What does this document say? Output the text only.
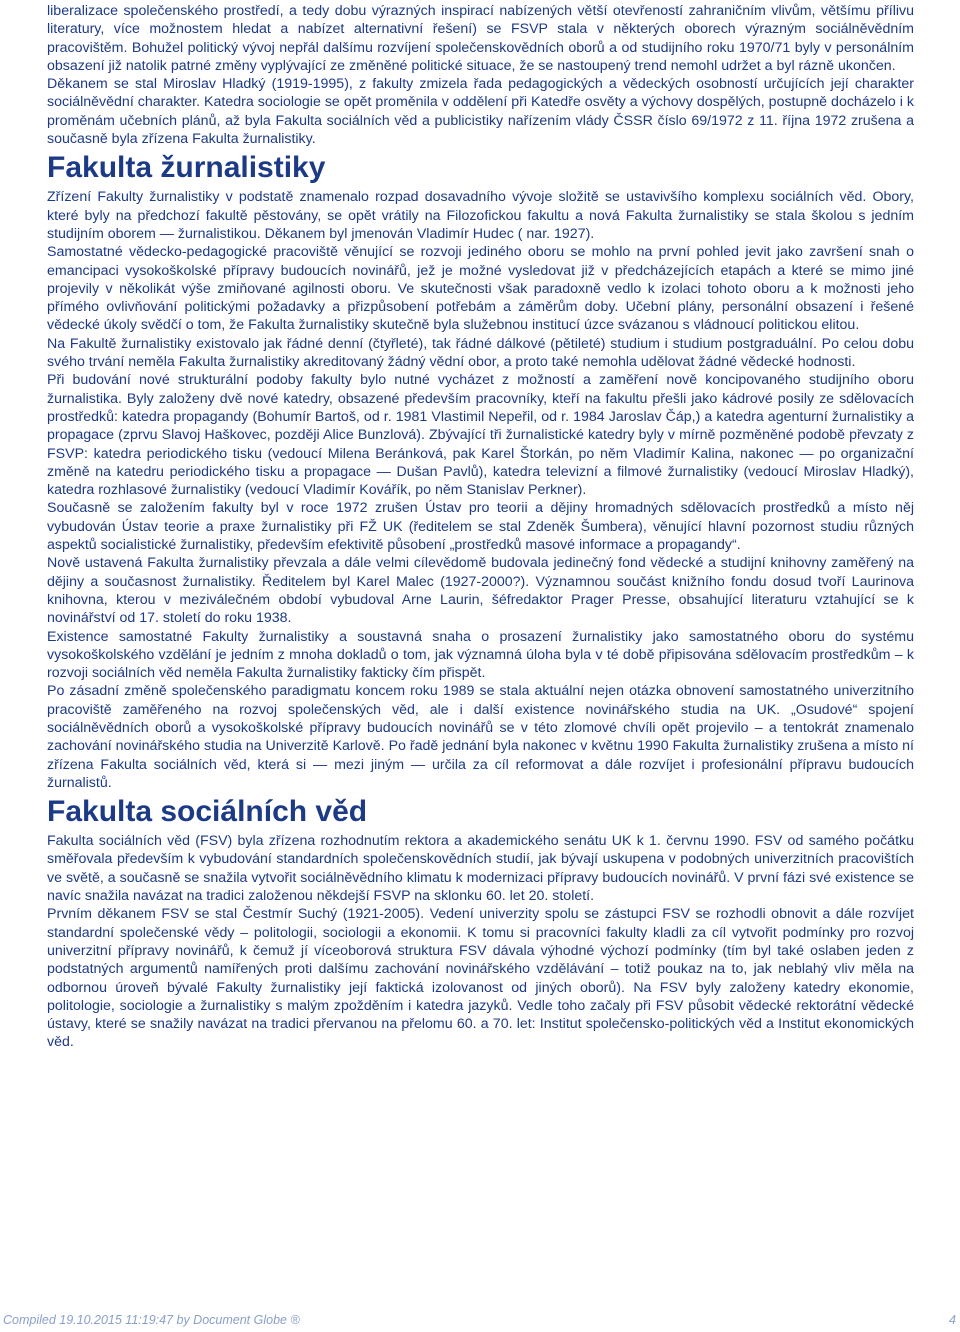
liberalizace společenského prostředí, a tedy dobu výrazných inspirací nabízených větší otevřeností zahraničním vlivům, většímu přílivu literatury, více možnostem hledat a nabízet alternativní řešení) se FSVP stala v některých oborech výrazným sociálněvědním pracovištěm. Bohužel politický vývoj nepřál dalšímu rozvíjení společenskovědních oborů a od studijního roku 1970/71 byly v personálním obsazení již natolik patrné změny vyplývající ze změněné politické situace, že se nastoupený trend nemohl udržet a byl rázně ukončen.

Děkanem se stal Miroslav Hladký (1919-1995), z fakulty zmizela řada pedagogických a vědeckých osobností určujících její charakter sociálněvědní charakter. Katedra sociologie se opět proměnila v oddělení při Katedře osvěty a výchovy dospělých, postupně docházelo i k proměnám učebních plánů, až byla Fakulta sociálních věd a publicistiky nařízením vlády ČSSR číslo 69/1972 z 11. října 1972 zrušena a současně byla zřízena Fakulta žurnalistiky.

Fakulta žurnalistiky

Zřízení Fakulty žurnalistiky v podstatě znamenalo rozpad dosavadního vývoje složitě se ustavivšího komplexu sociálních věd. Obory, které byly na předchozí fakultě pěstovány, se opět vrátily na Filozofickou fakultu a nová Fakulta žurnalistiky se stala školou s jedním studijním oborem — žurnalistikou. Děkanem byl jmenován Vladimír Hudec ( nar. 1927).

Samostatné vědecko-pedagogické pracoviště věnující se rozvoji jediného oboru se mohlo na první pohled jevit jako završení snah o emancipaci vysokoškolské přípravy budoucích novinářů, jež je možné vysledovat již v předcházejících etapách a které se mimo jiné projevily v několikát výše zmiňované agilnosti oboru. Ve skutečnosti však paradoxně vedlo k izolaci tohoto oboru a k možnosti jeho přímého ovlivňování politickými požadavky a přizpůsobení potřebám a záměrům doby. Učební plány, personální obsazení i řešené vědecké úkoly svědčí o tom, že Fakulta žurnalistiky skutečně byla služebnou institucí úzce svázanou s vládnoucí politickou elitou.

Na Fakultě žurnalistiky existovalo jak řádné denní (čtyřleté), tak řádné dálkové (pětileté) studium i studium postgraduální. Po celou dobu svého trvání neměla Fakulta žurnalistiky akreditovaný žádný vědní obor, a proto také nemohla udělovat žádné vědecké hodnosti.

Při budování nové strukturální podoby fakulty bylo nutné vycházet z možností a zaměření nově koncipovaného studijního oboru žurnalistika. Byly založeny dvě nové katedry, obsazené především pracovníky, kteří na fakultu přešli jako kádrové posily ze sdělovacích prostředků: katedra propagandy (Bohumír Bartoš, od r. 1981 Vlastimil Nepeřil, od r. 1984 Jaroslav Čáp,) a katedra agenturní žurnalistiky a propagace (zprvu Slavoj Haškovec, později Alice Bunzlová). Zbývající tři žurnalistické katedry byly v mírně pozměněné podobě převzaty z FSVP: katedra periodického tisku (vedoucí Milena Beránková, pak Karel Štorkán, po něm Vladimír Kalina, nakonec — po organizační změně na katedru periodického tisku a propagace — Dušan Pavlů), katedra televizní a filmové žurnalistiky (vedoucí Miroslav Hladký), katedra rozhlasové žurnalistiky (vedoucí Vladimír Kovářík, po něm Stanislav Perkner).

Současně se založením fakulty byl v roce 1972 zrušen Ústav pro teorii a dějiny hromadných sdělovacích prostředků a místo něj vybudován Ústav teorie a praxe žurnalistiky při FŽ UK (ředitelem se stal Zdeněk Šumbera), věnující hlavní pozornost studiu různých aspektů socialistické žurnalistiky, především efektivitě působení „prostředků masové informace a propagandy“.

Nově ustavená Fakulta žurnalistiky převzala a dále velmi cílevědomě budovala jedinečný fond vědecké a studijní knihovny zaměřený na dějiny a současnost žurnalistiky. Ředitelem byl Karel Malec (1927-2000?). Významnou součást knižního fondu dosud tvoří Laurinova knihovna, kterou v meziválečném období vybudoval Arne Laurin, šéfredaktor Prager Presse, obsahující literaturu vztahující se k novinářství od 17. století do roku 1938.

Existence samostatné Fakulty žurnalistiky a soustavná snaha o prosazení žurnalistiky jako samostatného oboru do systému vysokoškolského vzdělání je jedním z mnoha dokladů o tom, jak významná úloha byla v té době připisována sdělovacím prostředkům – k rozvoji sociálních věd neměla Fakulta žurnalistiky fakticky čím přispět.

Po zásadní změně společenského paradigmatu koncem roku 1989 se stala aktuální nejen otázka obnovení samostatného univerzitního pracoviště zaměřeného na rozvoj společenských věd, ale i další existence novinářského studia na UK. „Osudové“ spojení sociálněvědních oborů a vysokoškolské přípravy budoucích novinářů se v této zlomové chvíli opět projevilo – a tentokrát znamenalo zachování novinářského studia na Univerzitě Karlově. Po řadě jednání byla nakonec v květnu 1990 Fakulta žurnalistiky zrušena a místo ní zřízena Fakulta sociálních věd, která si — mezi jiným — určila za cíl reformovat a dále rozvíjet i profesionální přípravu budoucích žurnalistů.

Fakulta sociálních věd

Fakulta sociálních věd (FSV) byla zřízena rozhodnutím rektora a akademického senátu UK k 1. červnu 1990. FSV od samého počátku směřovala především k vybudování standardních společenskovědních studií, jak bývají uskupena v podobných univerzitních pracovištích ve světě, a současně se snažila vytvořit sociálněvědního klimatu k modernizaci přípravy budoucích novinářů. V první fázi své existence se navíc snažila navázat na tradici založenou někdejší FSVP na sklonku 60. let 20. století.

Prvním děkanem FSV se stal Čestmír Suchý (1921-2005). Vedení univerzity spolu se zástupci FSV se rozhodli obnovit a dále rozvíjet standardní společenské vědy – politologii, sociologii a ekonomii. K tomu si pracovníci fakulty kladli za cíl vytvořit podmínky pro rozvoj univerzitní přípravy novinářů, k čemuž jí víceoborová struktura FSV dávala výhodné výchozí podmínky (tím byl také oslaben jeden z podstatných argumentů namířených proti dalšímu zachování novinářského vzdělávání – totiž poukaz na to, jak neblahý vliv měla na odbornou úroveň bývalé Fakulty žurnalistiky její faktická izolovanost od jiných oborů). Na FSV byly založeny katedry ekonomie, politologie, sociologie a žurnalistiky s malým zpožděním i katedra jazyků. Vedle toho začaly při FSV působit vědecké rektorátní vědecké ústavy, které se snažily navázat na tradici přervanou na přelomu 60. a 70. let: Institut společensko-politických věd a Institut ekonomických věd.

Compiled 19.10.2015 11:19:47 by Document Globe ®	4
